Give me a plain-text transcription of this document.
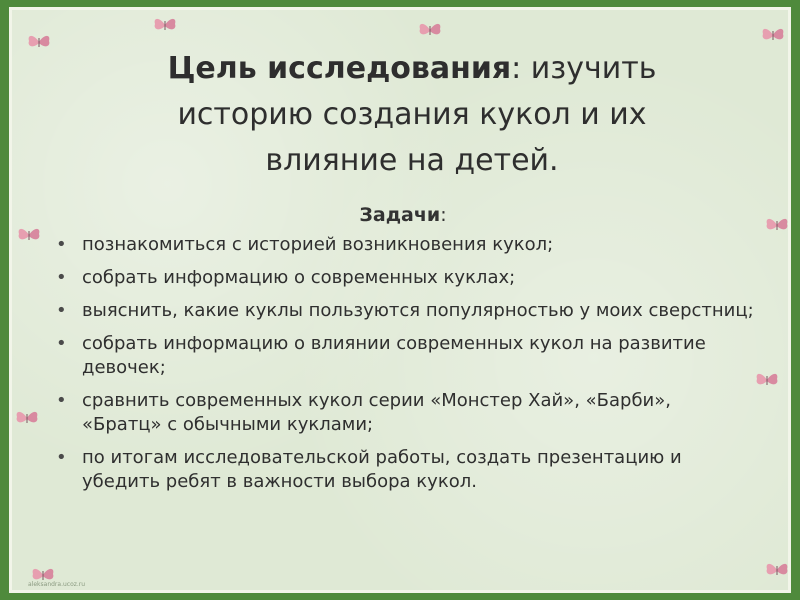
Цель исследования: изучить
историю создания кукол и их
влияние на детей.
Задачи:
• познакомиться с историей возникновения кукол;
• собрать информацию о современных куклах;
• выяснить, какие куклы пользуются популярностью у моих сверстниц;
• собрать информацию о влиянии современных кукол на развитие девочек;
• сравнить современных кукол серии «Монстер Хай», «Барби», «Братц» с обычными куклами;
• по итогам исследовательской работы, создать презентацию и убедить ребят в важности выбора кукол.
aleksandra.ucoz.ru
